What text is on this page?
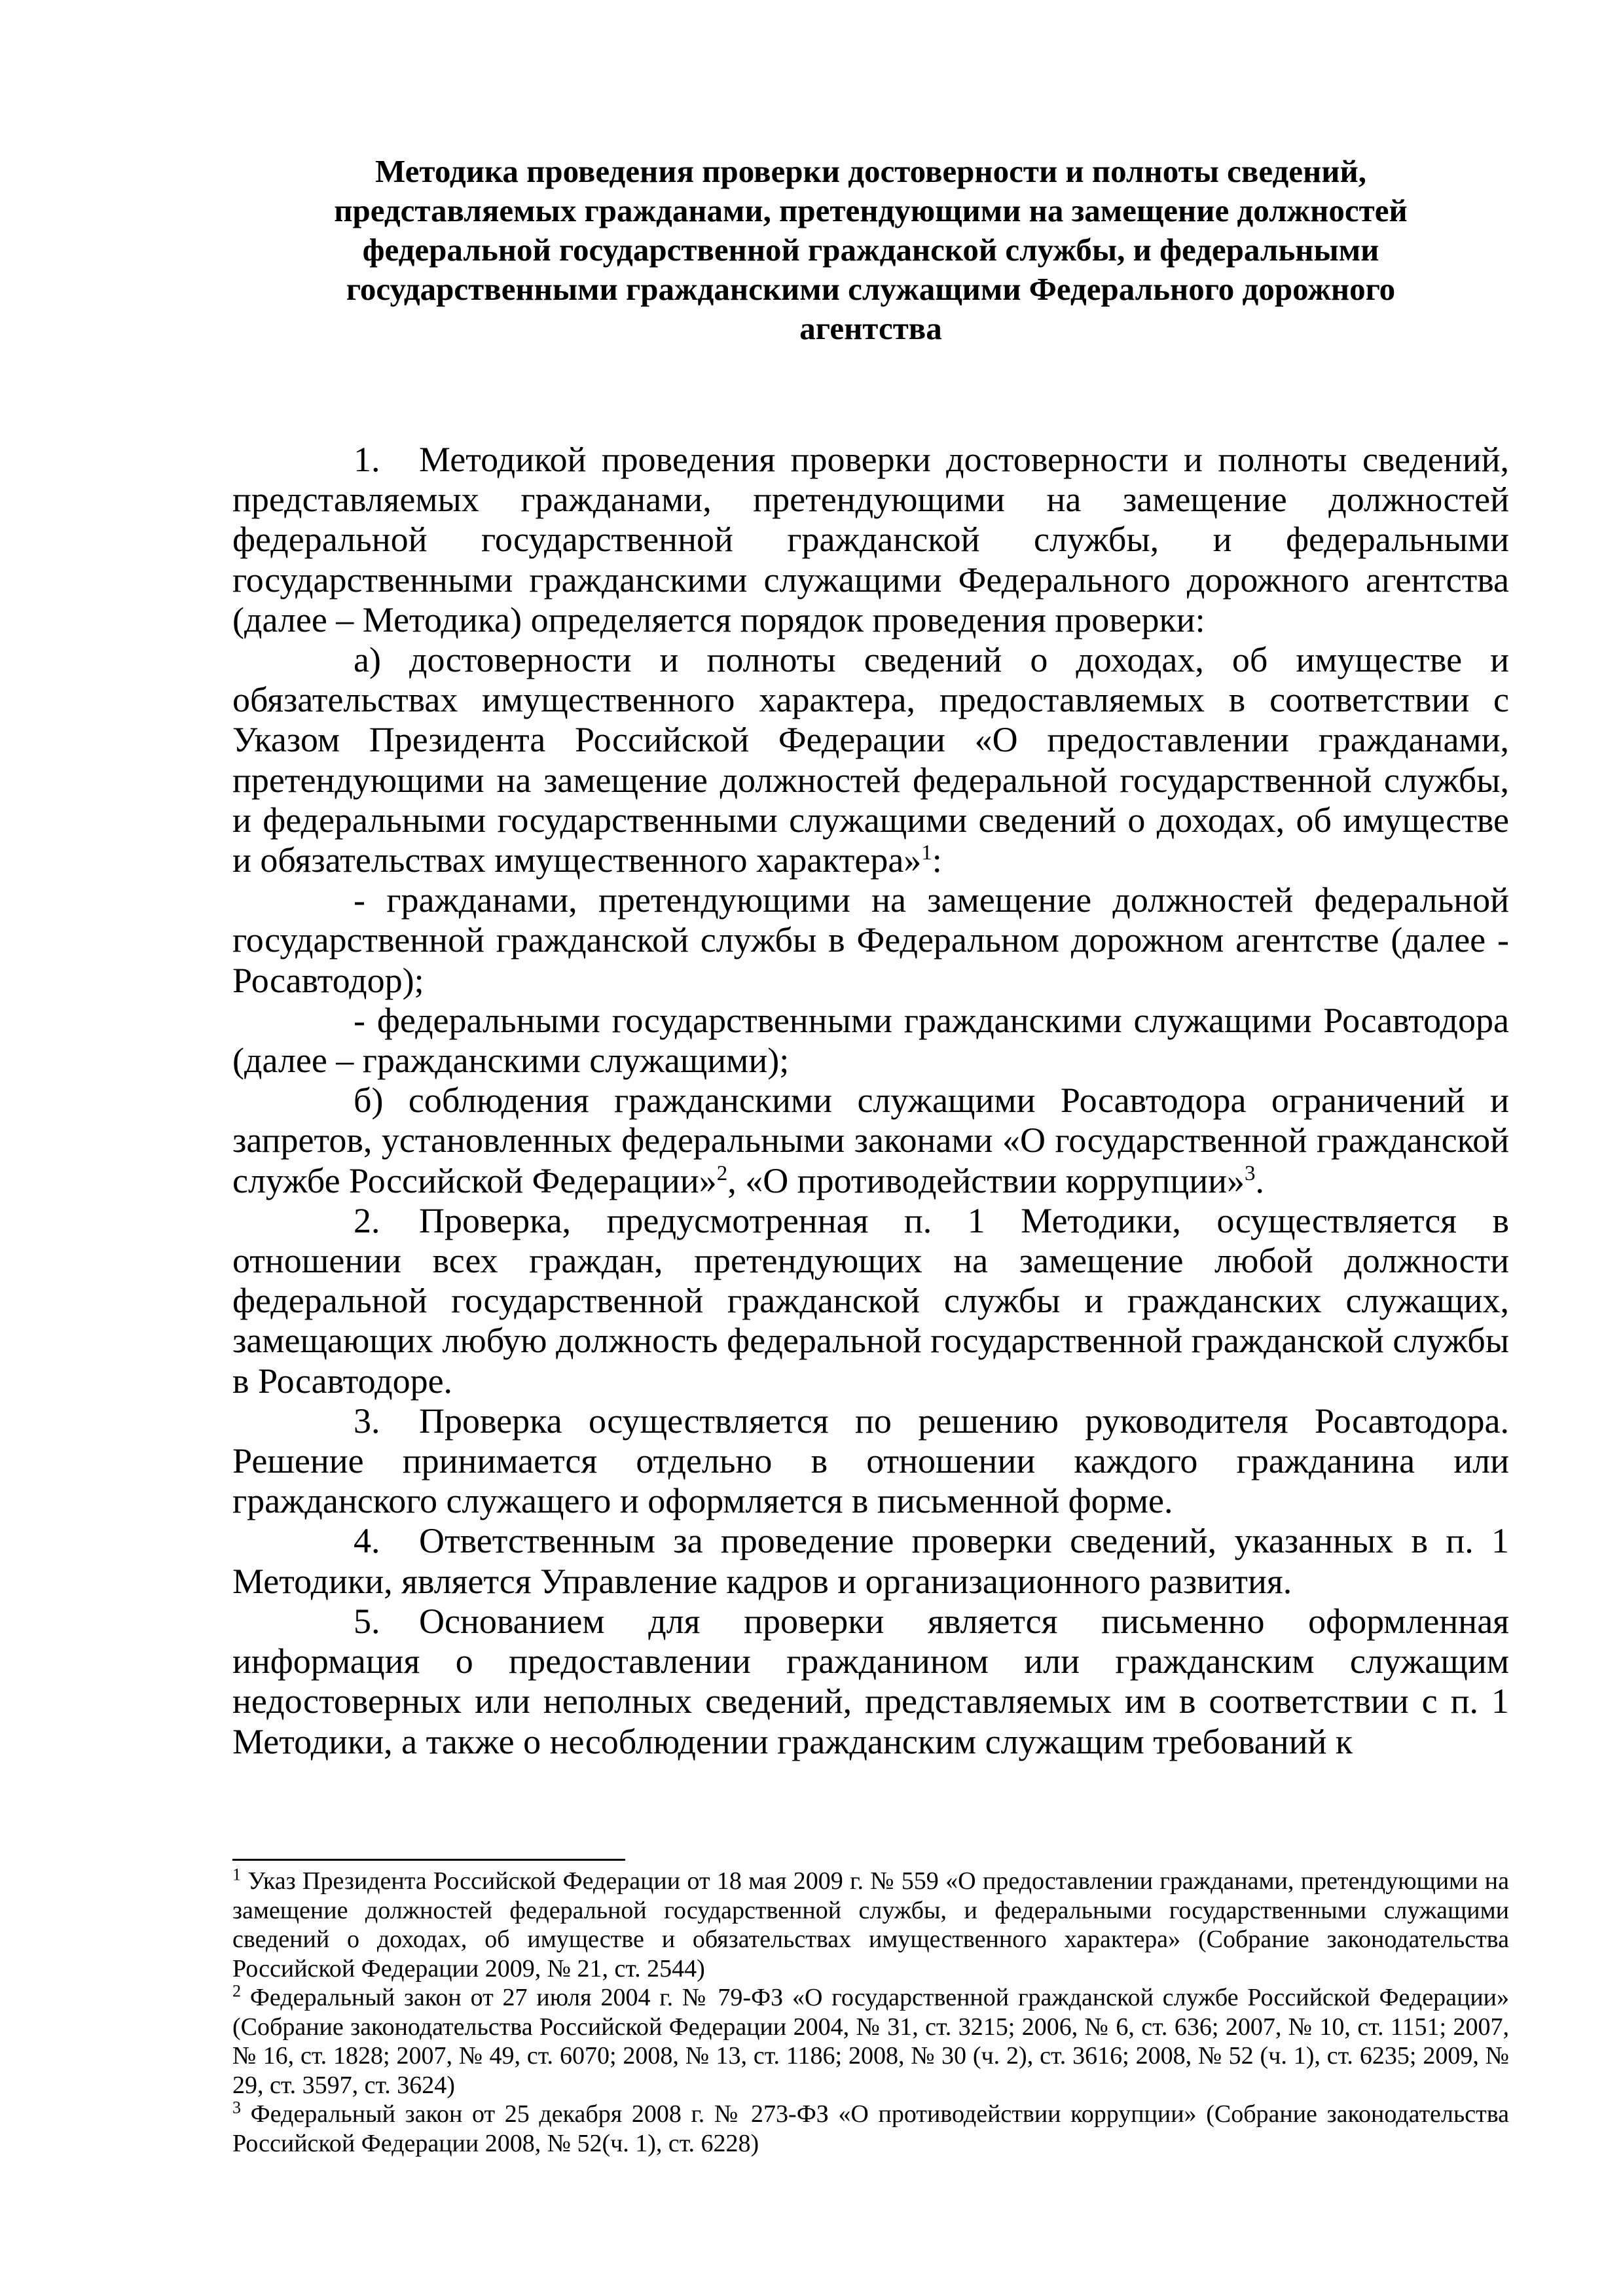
Методика проведения проверки достоверности и полноты сведений,
представляемых гражданами, претендующими на замещение должностей
федеральной государственной гражданской службы, и федеральными
государственными гражданскими служащими Федерального дорожного
агентства

1. Методикой проведения проверки достоверности и полноты сведений, представляемых гражданами, претендующими на замещение должностей федеральной государственной гражданской службы, и федеральными государственными гражданскими служащими Федерального дорожного агентства (далее – Методика) определяется порядок проведения проверки:

а) достоверности и полноты сведений о доходах, об имуществе и обязательствах имущественного характера, предоставляемых в соответствии с Указом Президента Российской Федерации «О предоставлении гражданами, претендующими на замещение должностей федеральной государственной службы, и федеральными государственными служащими сведений о доходах, об имуществе и обязательствах имущественного характера»$^1$:

- гражданами, претендующими на замещение должностей федеральной государственной гражданской службы в Федеральном дорожном агентстве (далее - Росавтодор);

- федеральными государственными гражданскими служащими Росавтодора (далее – гражданскими служащими);

б) соблюдения гражданскими служащими Росавтодора ограничений и запретов, установленных федеральными законами «О государственной гражданской службе Российской Федерации»$^2$, «О противодействии коррупции»$^3$.

2. Проверка, предусмотренная п. 1 Методики, осуществляется в отношении всех граждан, претендующих на замещение любой должности федеральной государственной гражданской службы и гражданских служащих, замещающих любую должность федеральной государственной гражданской службы в Росавтодоре.

3. Проверка осуществляется по решению руководителя Росавтодора. Решение принимается отдельно в отношении каждого гражданина или гражданского служащего и оформляется в письменной форме.

4. Ответственным за проведение проверки сведений, указанных в п. 1 Методики, является Управление кадров и организационного развития.

5. Основанием для проверки является письменно оформленная информация о предоставлении гражданином или гражданским служащим недостоверных или неполных сведений, представляемых им в соответствии с п. 1 Методики, а также о несоблюдении гражданским служащим требований к

$^1$ Указ Президента Российской Федерации от 18 мая 2009 г. № 559 «О предоставлении гражданами, претендующими на замещение должностей федеральной государственной службы, и федеральными государственными служащими сведений о доходах, об имуществе и обязательствах имущественного характера» (Собрание законодательства Российской Федерации 2009, № 21, ст. 2544)

$^2$ Федеральный закон от 27 июля 2004 г. № 79-ФЗ «О государственной гражданской службе Российской Федерации» (Собрание законодательства Российской Федерации 2004, № 31, ст. 3215; 2006, № 6, ст. 636; 2007, № 10, ст. 1151; 2007, № 16, ст. 1828; 2007, № 49, ст. 6070; 2008, № 13, ст. 1186; 2008, № 30 (ч. 2), ст. 3616; 2008, № 52 (ч. 1), ст. 6235; 2009, № 29, ст. 3597, ст. 3624)

$^3$ Федеральный закон от 25 декабря 2008 г. № 273-ФЗ «О противодействии коррупции» (Собрание законодательства Российской Федерации 2008, № 52(ч. 1), ст. 6228)
